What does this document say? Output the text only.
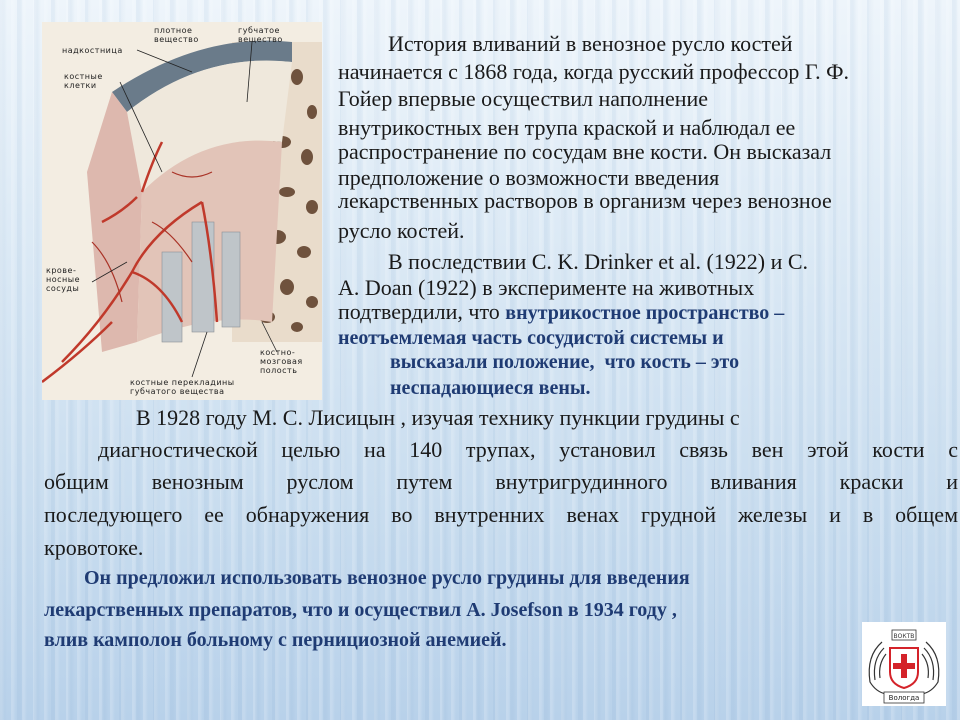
плотное
вещество
губчатое
вещество
надкостница
костные
клетки
крове-
носные
сосуды
костно-
мозговая
полость
костные перекладины
губчатого вещества
История вливаний в венозное русло костей
начинается с 1868 года, когда русский профессор Г. Ф.
Гойер впервые осуществил наполнение
внутрикостных вен трупа краской и наблюдал ее
распространение по сосудам вне кости. Он высказал
предположение о возможности введения
лекарственных растворов в организм через венозное
русло костей.
В последствии C. K. Drinker et al. (1922) и C.
A. Doan (1922) в эксперименте на животных
подтвердили, что внутрикостное пространство –
неотъемлемая часть сосудистой системы и
высказали положение,  что кость – это
неспадающиеся вены.
В 1928 году М. С. Лисицын , изучая технику пункции грудины с
диагностической целью на 140 трупах, установил связь вен этой кости с
общим венозным руслом путем внутригрудинного вливания краски и
последующего ее обнаружения во внутренних венах грудной железы и в общем
кровотоке.
Он предложил использовать венозное русло грудины для введения
лекарственных препаратов, что и осуществил A. Josefson в 1934 году ,
влив камполон больному с пернициозной анемией.	ВОКТВ
Вологда
